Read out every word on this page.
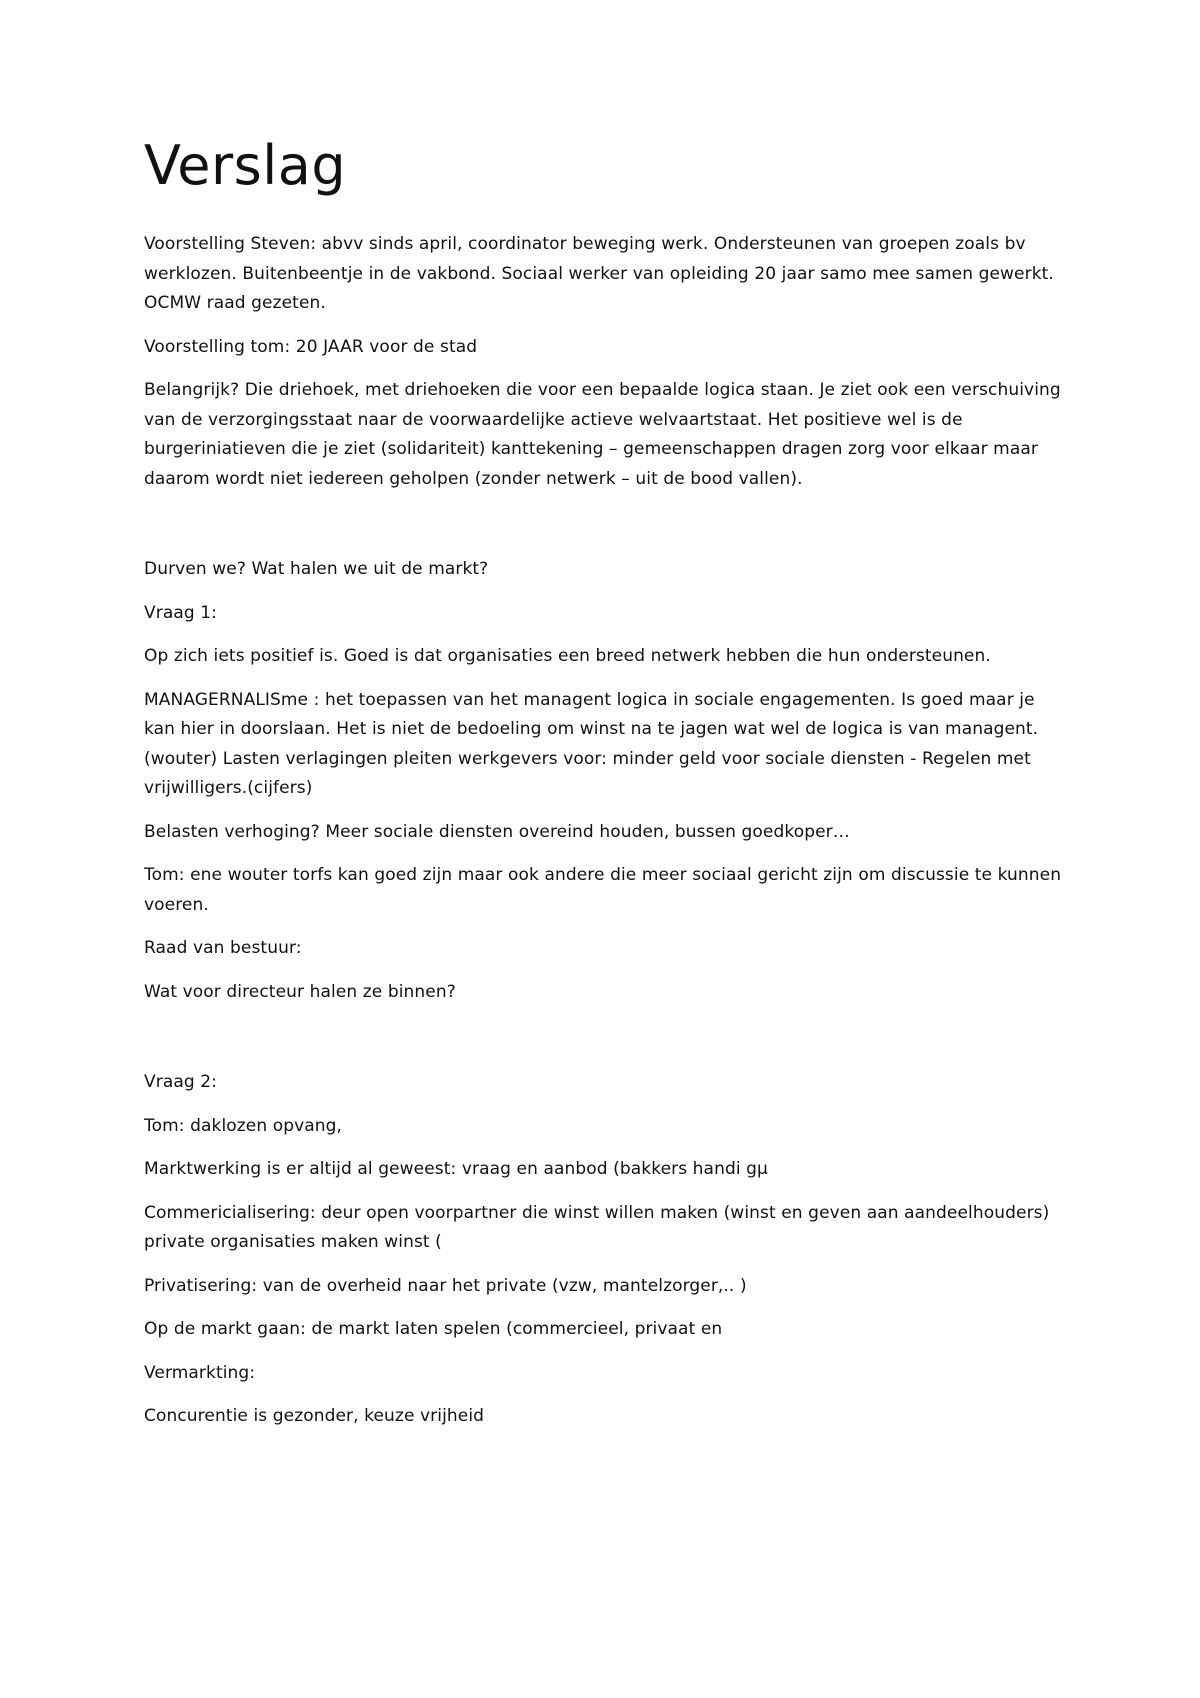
Verslag

Voorstelling Steven: abvv sinds april, coordinator beweging werk. Ondersteunen van groepen zoals bv werklozen. Buitenbeentje in de vakbond. Sociaal werker van opleiding 20 jaar samo mee samen gewerkt. OCMW raad gezeten.

Voorstelling tom: 20 JAAR voor de stad

Belangrijk? Die driehoek, met driehoeken die voor een bepaalde logica staan. Je ziet ook een verschuiving van de verzorgingsstaat naar de voorwaardelijke actieve welvaartstaat. Het positieve wel is de burgeriniatieven die je ziet (solidariteit) kanttekening – gemeenschappen dragen zorg voor elkaar maar daarom wordt niet iedereen geholpen (zonder netwerk – uit de bood vallen).

Durven we? Wat halen we uit de markt?

Vraag 1:

Op zich iets positief is. Goed is dat organisaties een breed netwerk hebben die hun ondersteunen.

MANAGERNALISme : het toepassen van het managent logica in sociale engagementen. Is goed maar je kan hier in doorslaan. Het is niet de bedoeling om winst na te jagen wat wel de logica is van managent. (wouter) Lasten verlagingen pleiten werkgevers voor: minder geld voor sociale diensten - Regelen met vrijwilligers.(cijfers)

Belasten verhoging? Meer sociale diensten overeind houden, bussen goedkoper…

Tom: ene wouter torfs kan goed zijn maar ook andere die meer sociaal gericht zijn om discussie te kunnen voeren.

Raad van bestuur:

Wat voor directeur halen ze binnen?

Vraag 2:

Tom: daklozen opvang,

Marktwerking is er altijd al geweest: vraag en aanbod (bakkers handi gµ

Commericialisering: deur open voorpartner die winst willen maken (winst en geven aan aandeelhouders) private organisaties maken winst (

Privatisering: van de overheid naar het private (vzw, mantelzorger,.. )

Op de markt gaan: de markt laten spelen (commercieel, privaat en

Vermarkting:

Concurentie is gezonder, keuze vrijheid
